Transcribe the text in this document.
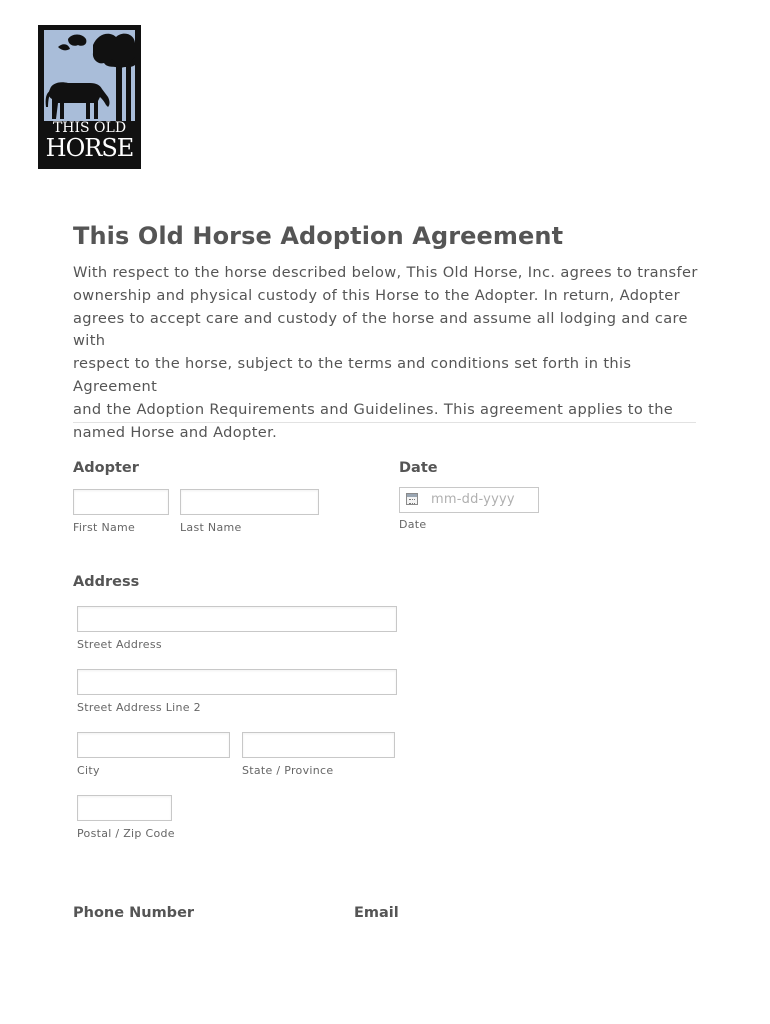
THIS OLD
HORSE
This Old Horse Adoption Agreement

With respect to the horse described below, This Old Horse, Inc. agrees to transfer
ownership and physical custody of this Horse to the Adopter. In return, Adopter
agrees to accept care and custody of the horse and assume all lodging and care with
respect to the horse, subject to the terms and conditions set forth in this Agreement
and the Adoption Requirements and Guidelines. This agreement applies to the
named Horse and Adopter.

Adopter
First Name	Last Name
Date
mm-dd-yyyy
Date
Address
Street Address
Street Address Line 2
City	State / Province
Postal / Zip Code
Phone Number	Email
